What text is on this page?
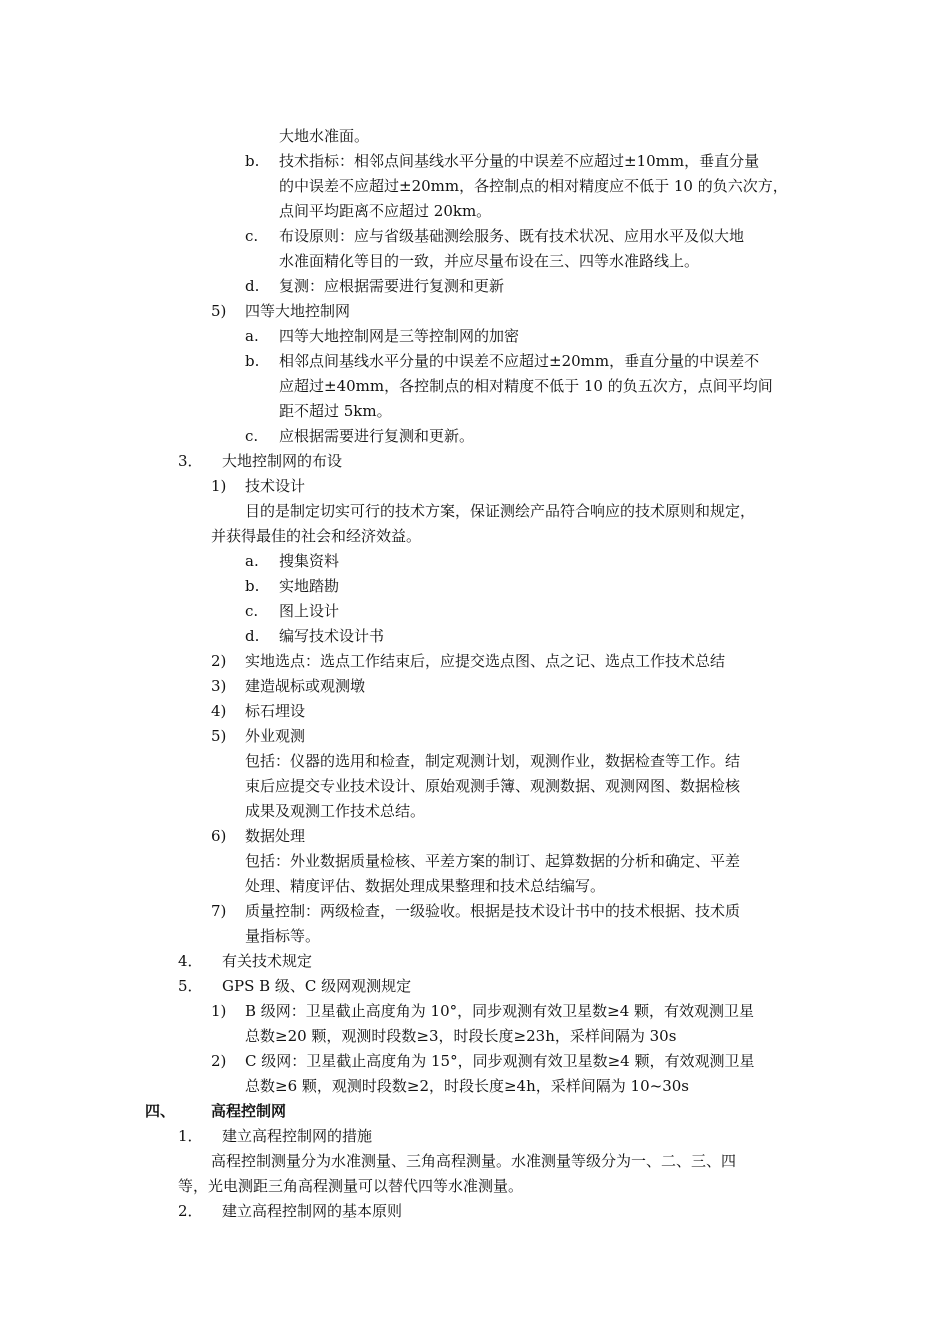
大地水准面。
b. 技术指标：相邻点间基线水平分量的中误差不应超过±10mm，垂直分量
的中误差不应超过±20mm，各控制点的相对精度应不低于 10 的负六次方，
点间平均距离不应超过 20km。
c. 布设原则：应与省级基础测绘服务、既有技术状况、应用水平及似大地
水准面精化等目的一致，并应尽量布设在三、四等水准路线上。
d. 复测：应根据需要进行复测和更新
5) 四等大地控制网
a. 四等大地控制网是三等控制网的加密
b. 相邻点间基线水平分量的中误差不应超过±20mm，垂直分量的中误差不
应超过±40mm，各控制点的相对精度不低于 10 的负五次方，点间平均间
距不超过 5km。
c. 应根据需要进行复测和更新。
3． 大地控制网的布设
1) 技术设计
目的是制定切实可行的技术方案，保证测绘产品符合响应的技术原则和规定，
并获得最佳的社会和经济效益。
a. 搜集资料
b. 实地踏勘
c. 图上设计
d. 编写技术设计书
2) 实地选点：选点工作结束后，应提交选点图、点之记、选点工作技术总结
3) 建造觇标或观测墩
4) 标石埋设
5) 外业观测
包括：仪器的选用和检查，制定观测计划，观测作业，数据检查等工作。结
束后应提交专业技术设计、原始观测手簿、观测数据、观测网图、数据检核
成果及观测工作技术总结。
6) 数据处理
包括：外业数据质量检核、平差方案的制订、起算数据的分析和确定、平差
处理、精度评估、数据处理成果整理和技术总结编写。
7) 质量控制：两级检查，一级验收。根据是技术设计书中的技术根据、技术质
量指标等。
4． 有关技术规定
5． GPS B 级、C 级网观测规定
1) B 级网：卫星截止高度角为 10°，同步观测有效卫星数≥4 颗，有效观测卫星
总数≥20 颗，观测时段数≥3，时段长度≥23h，采样间隔为 30s
2) C 级网：卫星截止高度角为 15°，同步观测有效卫星数≥4 颗，有效观测卫星
总数≥6 颗，观测时段数≥2，时段长度≥4h，采样间隔为 10~30s
四、 高程控制网
1． 建立高程控制网的措施
高程控制测量分为水准测量、三角高程测量。水准测量等级分为一、二、三、四
等，光电测距三角高程测量可以替代四等水准测量。
2． 建立高程控制网的基本原则
